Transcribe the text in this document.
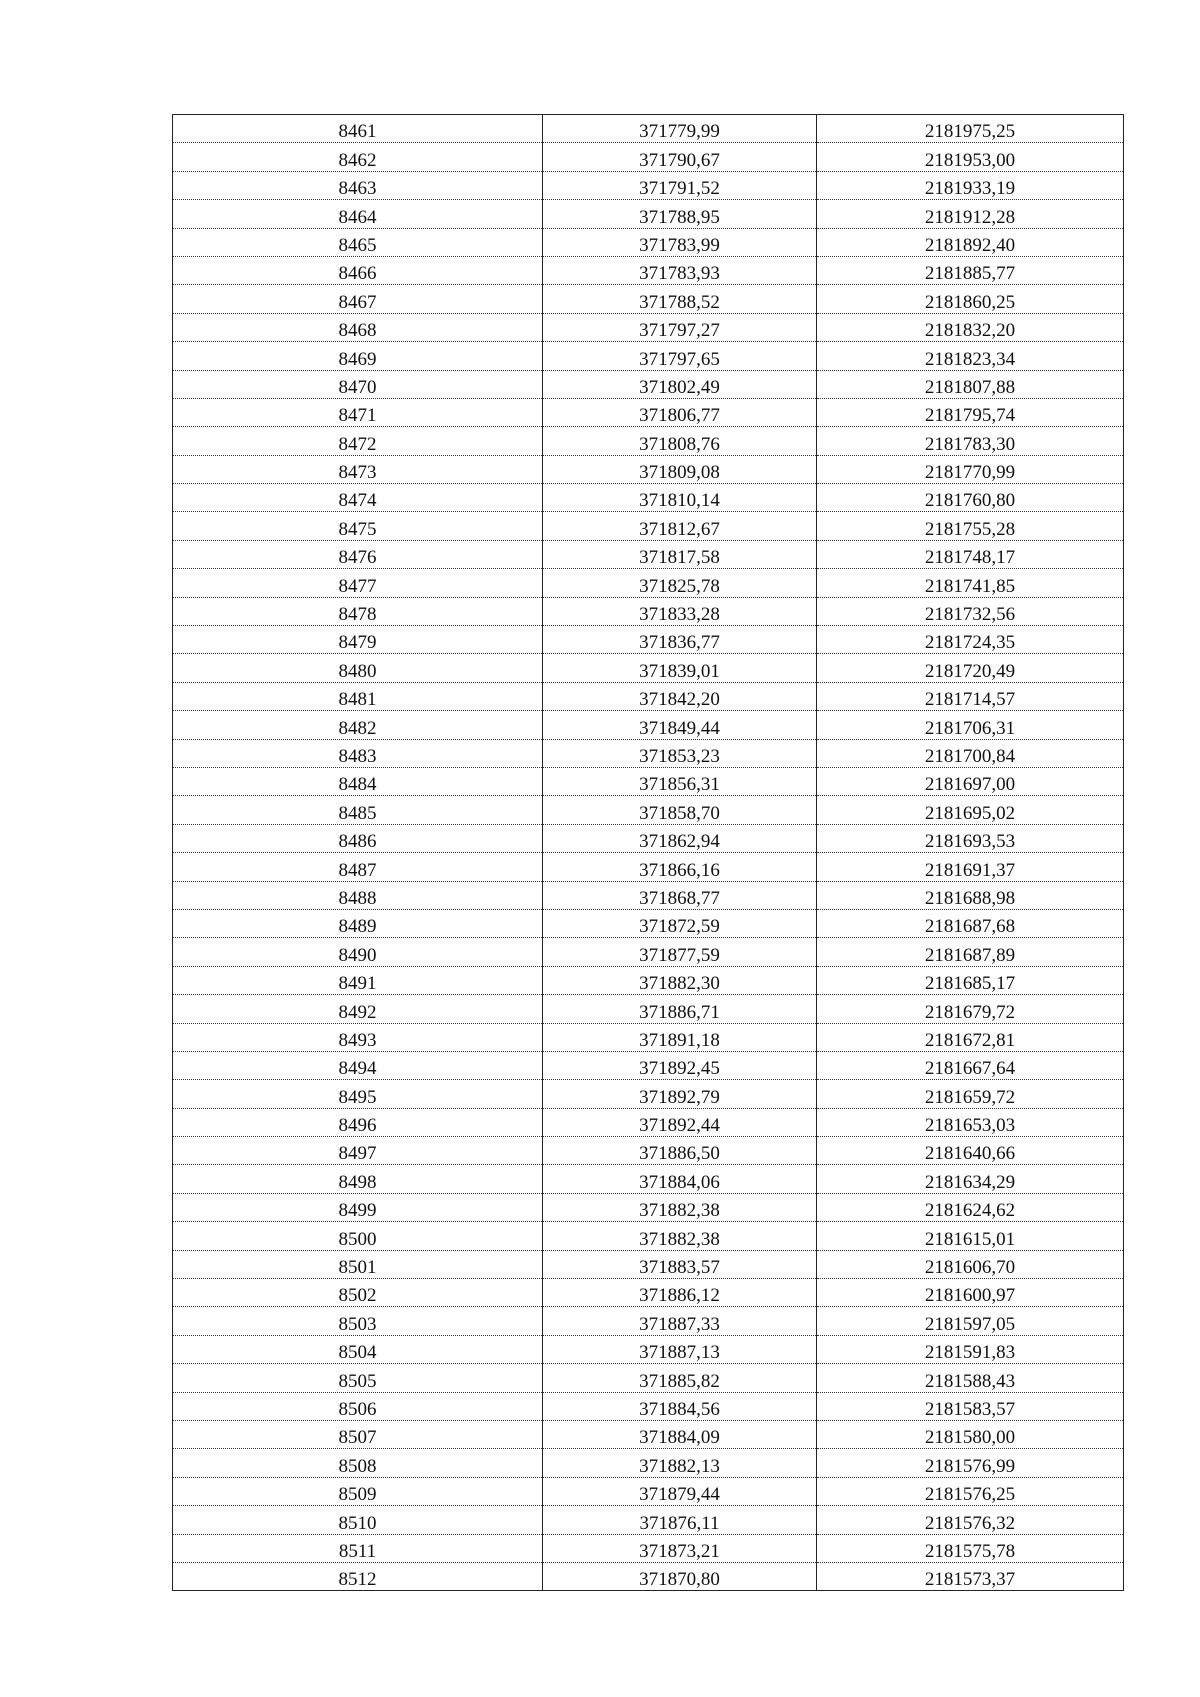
8461	371779,99	2181975,25
8462	371790,67	2181953,00
8463	371791,52	2181933,19
8464	371788,95	2181912,28
8465	371783,99	2181892,40
8466	371783,93	2181885,77
8467	371788,52	2181860,25
8468	371797,27	2181832,20
8469	371797,65	2181823,34
8470	371802,49	2181807,88
8471	371806,77	2181795,74
8472	371808,76	2181783,30
8473	371809,08	2181770,99
8474	371810,14	2181760,80
8475	371812,67	2181755,28
8476	371817,58	2181748,17
8477	371825,78	2181741,85
8478	371833,28	2181732,56
8479	371836,77	2181724,35
8480	371839,01	2181720,49
8481	371842,20	2181714,57
8482	371849,44	2181706,31
8483	371853,23	2181700,84
8484	371856,31	2181697,00
8485	371858,70	2181695,02
8486	371862,94	2181693,53
8487	371866,16	2181691,37
8488	371868,77	2181688,98
8489	371872,59	2181687,68
8490	371877,59	2181687,89
8491	371882,30	2181685,17
8492	371886,71	2181679,72
8493	371891,18	2181672,81
8494	371892,45	2181667,64
8495	371892,79	2181659,72
8496	371892,44	2181653,03
8497	371886,50	2181640,66
8498	371884,06	2181634,29
8499	371882,38	2181624,62
8500	371882,38	2181615,01
8501	371883,57	2181606,70
8502	371886,12	2181600,97
8503	371887,33	2181597,05
8504	371887,13	2181591,83
8505	371885,82	2181588,43
8506	371884,56	2181583,57
8507	371884,09	2181580,00
8508	371882,13	2181576,99
8509	371879,44	2181576,25
8510	371876,11	2181576,32
8511	371873,21	2181575,78
8512	371870,80	2181573,37
